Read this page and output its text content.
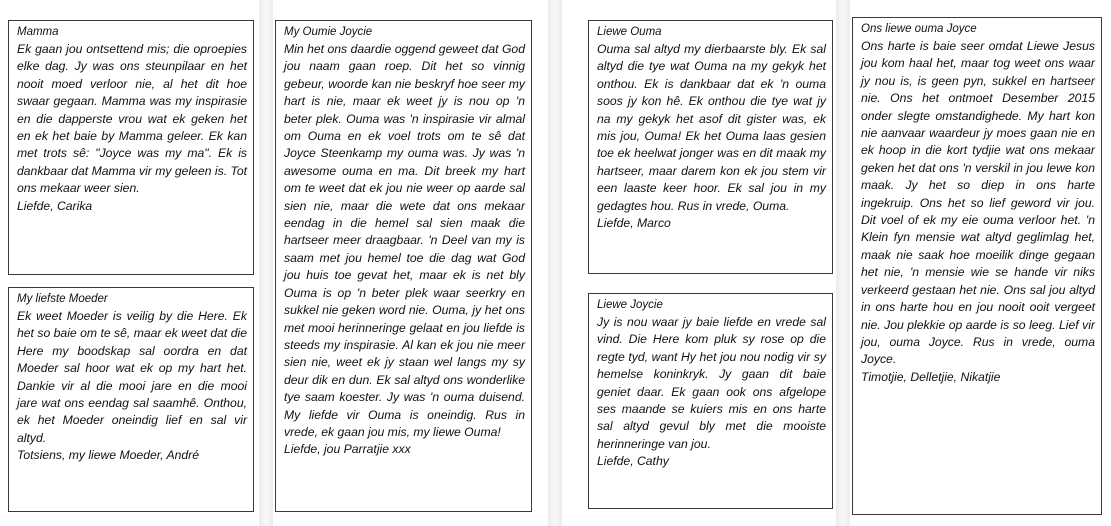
Mamma
Ek gaan jou ontsettend mis; die oproepies elke dag. Jy was ons steunpilaar en het nooit moed verloor nie, al het dit hoe swaar gegaan. Mamma was my inspirasie en die dapperste vrou wat ek geken het en ek het baie by Mamma geleer. Ek kan met trots sê: "Joyce was my ma". Ek is dankbaar dat Mamma vir my geleen is. Tot ons mekaar weer sien.
Liefde, Carika
My liefste Moeder
Ek weet Moeder is veilig by die Here. Ek het so baie om te sê, maar ek weet dat die Here my boodskap sal oordra en dat Moeder sal hoor wat ek op my hart het. Dankie vir al die mooi jare en die mooi jare wat ons eendag sal saamhê. Onthou, ek het Moeder oneindig lief en sal vir altyd.
Totsiens, my liewe Moeder, André
My Oumie Joycie
Min het ons daardie oggend geweet dat God jou naam gaan roep. Dit het so vinnig gebeur, woorde kan nie beskryf hoe seer my hart is nie, maar ek weet jy is nou op 'n beter plek. Ouma was 'n inspirasie vir almal om Ouma en ek voel trots om te sê dat Joyce Steenkamp my ouma was. Jy was 'n awesome ouma en ma. Dit breek my hart om te weet dat ek jou nie weer op aarde sal sien nie, maar die wete dat ons mekaar eendag in die hemel sal sien maak die hartseer meer draagbaar. 'n Deel van my is saam met jou hemel toe die dag wat God jou huis toe gevat het, maar ek is net bly Ouma is op 'n beter plek waar seerkry en sukkel nie geken word nie. Ouma, jy het ons met mooi herinneringe gelaat en jou liefde is steeds my inspirasie. Al kan ek jou nie meer sien nie, weet ek jy staan wel langs my sy deur dik en dun. Ek sal altyd ons wonderlike tye saam koester. Jy was 'n ouma duisend. My liefde vir Ouma is oneindig. Rus in vrede, ek gaan jou mis, my liewe Ouma!
Liefde, jou Parratjie xxx
Liewe Ouma
Ouma sal altyd my dierbaarste bly. Ek sal altyd die tye wat Ouma na my gekyk het onthou. Ek is dankbaar dat ek 'n ouma soos jy kon hê. Ek onthou die tye wat jy na my gekyk het asof dit gister was, ek mis jou, Ouma! Ek het Ouma laas gesien toe ek heelwat jonger was en dit maak my hartseer, maar darem kon ek jou stem vir een laaste keer hoor. Ek sal jou in my gedagtes hou. Rus in vrede, Ouma.
Liefde, Marco
Liewe Joycie
Jy is nou waar jy baie liefde en vrede sal vind. Die Here kom pluk sy rose op die regte tyd, want Hy het jou nou nodig vir sy hemelse koninkryk. Jy gaan dit baie geniet daar. Ek gaan ook ons afgelope ses maande se kuiers mis en ons harte sal altyd gevul bly met die mooiste herinneringe van jou.
Liefde, Cathy
Ons liewe ouma Joyce
Ons harte is baie seer omdat Liewe Jesus jou kom haal het, maar tog weet ons waar jy nou is, is geen pyn, sukkel en hartseer nie. Ons het ontmoet Desember 2015 onder slegte omstandighede. My hart kon nie aanvaar waardeur jy moes gaan nie en ek hoop in die kort tydjie wat ons mekaar geken het dat ons 'n verskil in jou lewe kon maak. Jy het so diep in ons harte ingekruip. Ons het so lief geword vir jou. Dit voel of ek my eie ouma verloor het. 'n Klein fyn mensie wat altyd geglimlag het, maak nie saak hoe moeilik dinge gegaan het nie, 'n mensie wie se hande vir niks verkeerd gestaan het nie. Ons sal jou altyd in ons harte hou en jou nooit ooit vergeet nie. Jou plekkie op aarde is so leeg. Lief vir jou, ouma Joyce. Rus in vrede, ouma Joyce.
Timotjie, Delletjie, Nikatjie
